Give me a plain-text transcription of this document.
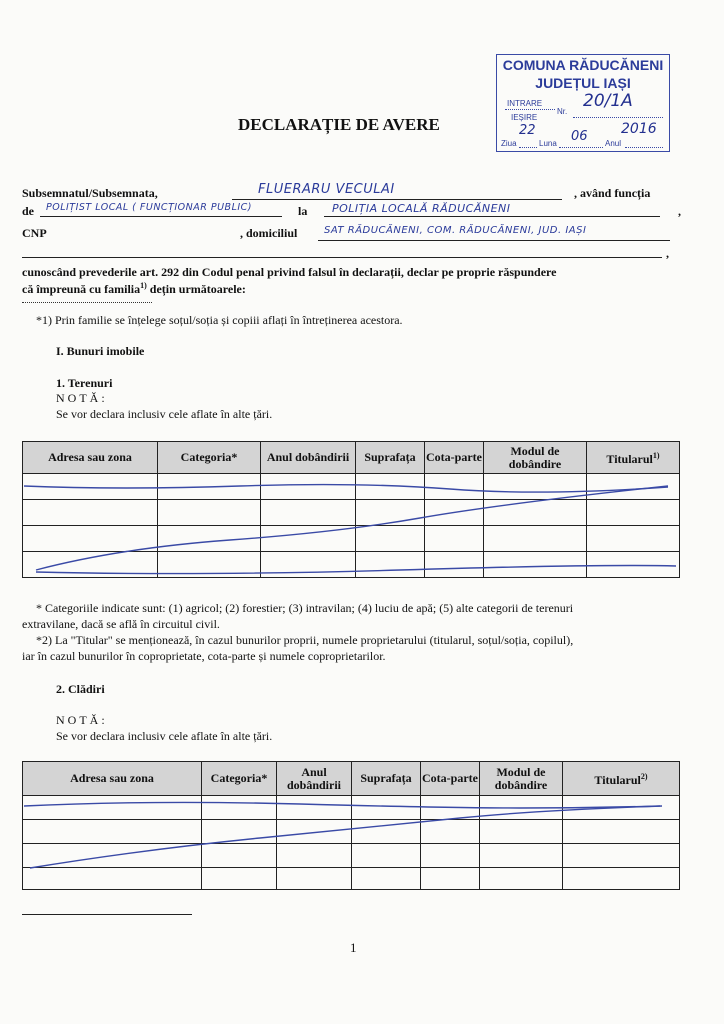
COMUNA RĂDUCĂNENI
JUDEȚUL IAȘI
INTRARE
IEȘIRE
Nr.
20/1A
22	06 2016
Ziua	Luna	Anul
DECLARAȚIE DE AVERE
Subsemnatul/Subsemnata,	FLUERARU VECULAI	, având funcția
de POLIȚIST LOCAL ( FUNCȚIONAR PUBLIC)	la POLIȚIA LOCALĂ RĂDUCĂNENI	,
CNP	, domiciliul	SAT RĂDUCĂNENI, COM. RĂDUCĂNENI, JUD. IAȘI
,
cunoscând prevederile art. 292 din Codul penal privind falsul în declarații, declar pe proprie răspundere
că împreună cu familia$^{1)}$ dețin următoarele:
*1) Prin familie se înțelege soțul/soția și copiii aflați în întreținerea acestora.
I. Bunuri imobile
1. Terenuri
NOTĂ:
Se vor declara inclusiv cele aflate în alte țări.
Adresa sau zona	Categoria*	Anul dobândirii	Suprafața	Cota-parte	Modul de dobândire	Titularul$^{1)}$

* Categoriile indicate sunt: (1) agricol; (2) forestier; (3) intravilan; (4) luciu de apă; (5) alte categorii de terenuri
extravilane, dacă se află în circuitul civil.
*2) La "Titular" se menționează, în cazul bunurilor proprii, numele proprietarului (titularul, soțul/soția, copilul),
iar în cazul bunurilor în coproprietate, cota-parte și numele coproprietarilor.
2. Clădiri
NOTĂ:
Se vor declara inclusiv cele aflate în alte țări.
Adresa sau zona	Categoria*	Anul dobândirii	Suprafața	Cota-parte	Modul de dobândire	Titularul$^{2)}$

1
